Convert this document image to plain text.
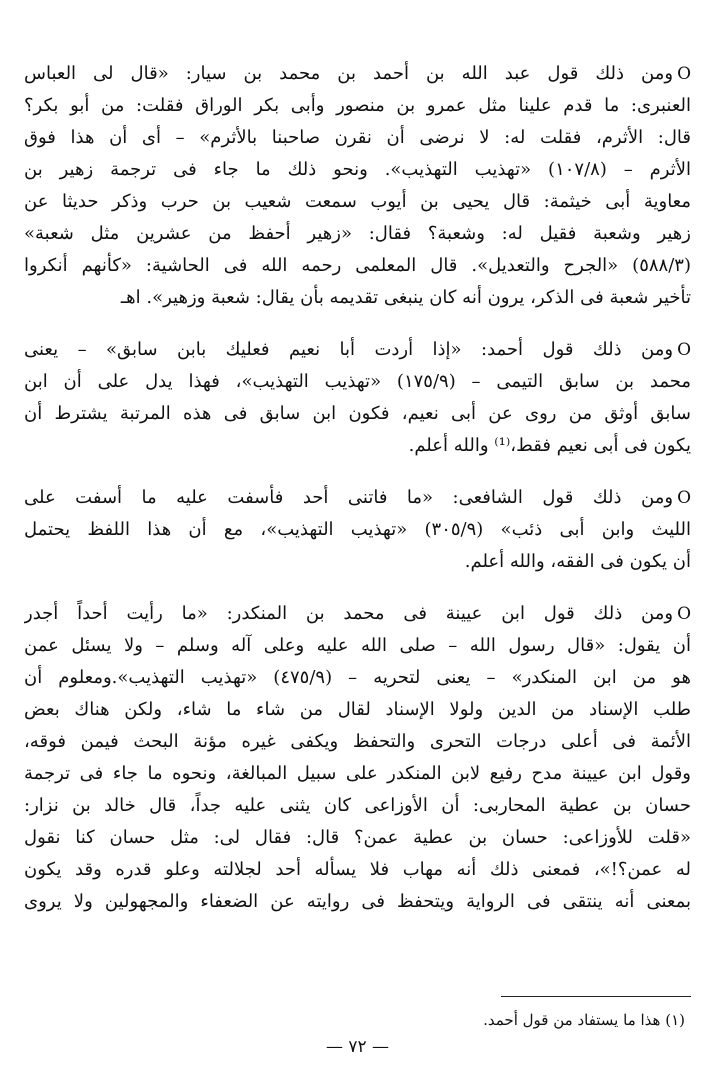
Oومن ذلك قول عبد الله بن أحمد بن محمد بن سيار: «قال لى العباس
العنبرى: ما قدم علينا مثل عمرو بن منصور وأبى بكر الوراق فقلت: من أبو بكر؟
قال: الأثرم، فقلت له: لا نرضى أن نقرن صاحبنا بالأثرم» – أى أن هذا فوق
الأثرم – (١٠٧/٨) «تهذيب التهذيب». ونحو ذلك ما جاء فى ترجمة زهير بن
معاوية أبى خيثمة: قال يحيى بن أيوب سمعت شعيب بن حرب وذكر حديثا عن
زهير وشعبة فقيل له: وشعبة؟ فقال: «زهير أحفظ من عشرين مثل شعبة»
(٥٨٨/٣) «الجرح والتعديل». قال المعلمى رحمه الله فى الحاشية: «كأنهم أنكروا
تأخير شعبة فى الذكر، يرون أنه كان ينبغى تقديمه بأن يقال: شعبة وزهير». اهـ
Oومن ذلك قول أحمد: «إذا أردت أبا نعيم فعليك بابن سابق» – يعنى
محمد بن سابق التيمى – (١٧٥/٩) «تهذيب التهذيب»، فهذا يدل على أن ابن
سابق أوثق من روى عن أبى نعيم، فكون ابن سابق فى هذه المرتبة يشترط أن
يكون فى أبى نعيم فقط،⁽¹⁾ والله أعلم.
Oومن ذلك قول الشافعى: «ما فاتنى أحد فأسفت عليه ما أسفت على
الليث وابن أبى ذئب» (٣٠٥/٩) «تهذيب التهذيب»، مع أن هذا اللفظ يحتمل
أن يكون فى الفقه، والله أعلم.
Oومن ذلك قول ابن عيينة فى محمد بن المنكدر: «ما رأيت أحداً أجدر
أن يقول: «قال رسول الله – صلى الله عليه وعلى آله وسلم – ولا يسئل عمن
هو من ابن المنكدر» – يعنى لتحريه – (٤٧٥/٩) «تهذيب التهذيب».ومعلوم أن
طلب الإسناد من الدين ولولا الإسناد لقال من شاء ما شاء، ولكن هناك بعض
الأئمة فى أعلى درجات التحرى والتحفظ ويكفى غيره مؤنة البحث فيمن فوقه،
وقول ابن عيينة مدح رفيع لابن المنكدر على سبيل المبالغة، ونحوه ما جاء فى ترجمة
حسان بن عطية المحاربى: أن الأوزاعى كان يثنى عليه جداً، قال خالد بن نزار:
«قلت للأوزاعى: حسان بن عطية عمن؟ قال: فقال لى: مثل حسان كنا نقول
له عمن؟!»، فمعنى ذلك أنه مهاب فلا يسأله أحد لجلالته وعلو قدره وقد يكون
بمعنى أنه ينتقى فى الرواية ويتحفظ فى روايته عن الضعفاء والمجهولين ولا يروى
(١) هذا ما يستفاد من قول أحمد.
— ٧٢ —
